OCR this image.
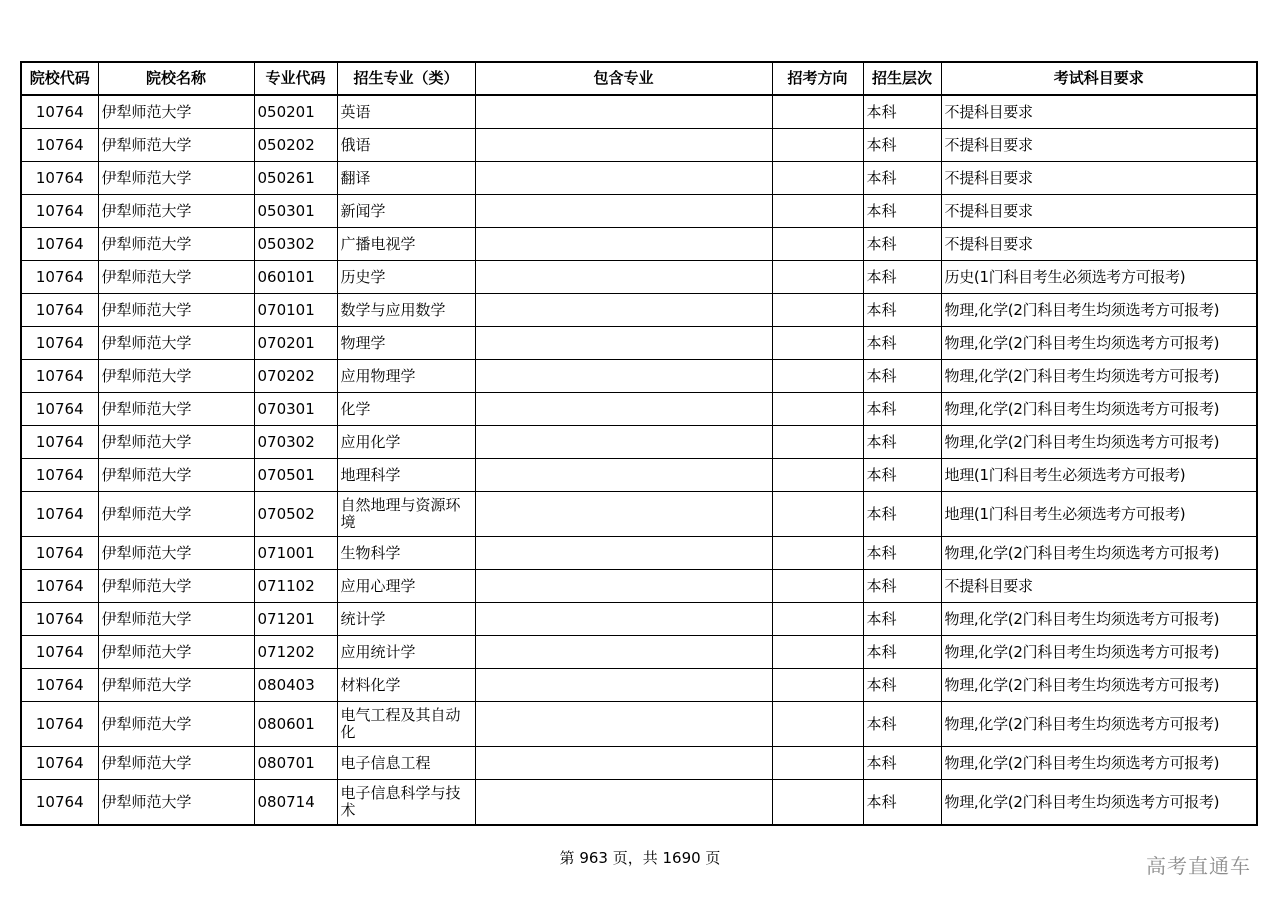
院校代码	院校名称	专业代码	招生专业（类）	包含专业	招考方向	招生层次	考试科目要求
10764	伊犁师范大学	050201	英语			本科	不提科目要求
10764	伊犁师范大学	050202	俄语			本科	不提科目要求
10764	伊犁师范大学	050261	翻译			本科	不提科目要求
10764	伊犁师范大学	050301	新闻学			本科	不提科目要求
10764	伊犁师范大学	050302	广播电视学			本科	不提科目要求
10764	伊犁师范大学	060101	历史学			本科	历史(1门科目考生必须选考方可报考)
10764	伊犁师范大学	070101	数学与应用数学			本科	物理,化学(2门科目考生均须选考方可报考)
10764	伊犁师范大学	070201	物理学			本科	物理,化学(2门科目考生均须选考方可报考)
10764	伊犁师范大学	070202	应用物理学			本科	物理,化学(2门科目考生均须选考方可报考)
10764	伊犁师范大学	070301	化学			本科	物理,化学(2门科目考生均须选考方可报考)
10764	伊犁师范大学	070302	应用化学			本科	物理,化学(2门科目考生均须选考方可报考)
10764	伊犁师范大学	070501	地理科学			本科	地理(1门科目考生必须选考方可报考)
10764	伊犁师范大学	070502	自然地理与资源环境			本科	地理(1门科目考生必须选考方可报考)
10764	伊犁师范大学	071001	生物科学			本科	物理,化学(2门科目考生均须选考方可报考)
10764	伊犁师范大学	071102	应用心理学			本科	不提科目要求
10764	伊犁师范大学	071201	统计学			本科	物理,化学(2门科目考生均须选考方可报考)
10764	伊犁师范大学	071202	应用统计学			本科	物理,化学(2门科目考生均须选考方可报考)
10764	伊犁师范大学	080403	材料化学			本科	物理,化学(2门科目考生均须选考方可报考)
10764	伊犁师范大学	080601	电气工程及其自动化			本科	物理,化学(2门科目考生均须选考方可报考)
10764	伊犁师范大学	080701	电子信息工程			本科	物理,化学(2门科目考生均须选考方可报考)
10764	伊犁师范大学	080714	电子信息科学与技术			本科	物理,化学(2门科目考生均须选考方可报考)
第 963 页，共 1690 页	高考直通车
